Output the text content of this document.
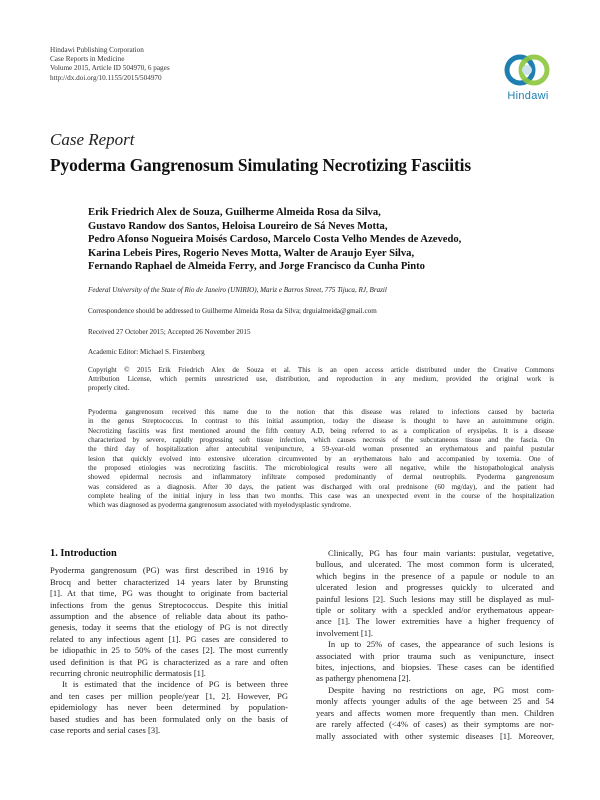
Hindawi Publishing Corporation
Case Reports in Medicine
Volume 2015, Article ID 504970, 6 pages
http://dx.doi.org/10.1155/2015/504970
Hindawi
Case Report
Pyoderma Gangrenosum Simulating Necrotizing Fasciitis
Erik Friedrich Alex de Souza, Guilherme Almeida Rosa da Silva,
Gustavo Randow dos Santos, Heloisa Loureiro de Sá Neves Motta,
Pedro Afonso Nogueira Moisés Cardoso, Marcelo Costa Velho Mendes de Azevedo,
Karina Lebeis Pires, Rogerio Neves Motta, Walter de Araujo Eyer Silva,
Fernando Raphael de Almeida Ferry, and Jorge Francisco da Cunha Pinto
Federal University of the State of Rio de Janeiro (UNIRIO), Mariz e Barros Street, 775 Tijuca, RJ, Brazil
Correspondence should be addressed to Guilherme Almeida Rosa da Silva; drguialmeida@gmail.com
Received 27 October 2015; Accepted 26 November 2015
Academic Editor: Michael S. Firstenberg
Copyright © 2015 Erik Friedrich Alex de Souza et al. This is an open access article distributed under the Creative Commons
Attribution License, which permits unrestricted use, distribution, and reproduction in any medium, provided the original work is
properly cited.
Pyoderma gangrenosum received this name due to the notion that this disease was related to infections caused by bacteria
in the genus Streptococcus. In contrast to this initial assumption, today the disease is thought to have an autoimmune origin.
Necrotizing fasciitis was first mentioned around the fifth century A.D, being referred to as a complication of erysipelas. It is a disease
characterized by severe, rapidly progressing soft tissue infection, which causes necrosis of the subcutaneous tissue and the fascia. On
the third day of hospitalization after antecubital venipuncture, a 59-year-old woman presented an erythematous and painful pustular
lesion that quickly evolved into extensive ulceration circumvented by an erythematous halo and accompanied by toxemia. One of
the proposed etiologies was necrotizing fasciitis. The microbiological results were all negative, while the histopathological analysis
showed epidermal necrosis and inflammatory infiltrate composed predominantly of dermal neutrophils. Pyoderma gangrenosum
was considered as a diagnosis. After 30 days, the patient was discharged with oral prednisone (60 mg/day), and the patient had
complete healing of the initial injury in less than two months. This case was an unexpected event in the course of the hospitalization
which was diagnosed as pyoderma gangrenosum associated with myelodysplastic syndrome.
1. Introduction

Pyoderma gangrenosum (PG) was first described in 1916 by
Brocq and better characterized 14 years later by Brunsting
[1]. At that time, PG was thought to originate from bacterial
infections from the genus Streptococcus. Despite this initial
assumption and the absence of reliable data about its patho-
genesis, today it seems that the etiology of PG is not directly
related to any infectious agent [1]. PG cases are considered to
be idiopathic in 25 to 50% of the cases [2]. The most currently
used definition is that PG is characterized as a rare and often
recurring chronic neutrophilic dermatosis [1].

It is estimated that the incidence of PG is between three
and ten cases per million people/year [1, 2]. However, PG
epidemiology has never been determined by population-
based studies and has been formulated only on the basis of
case reports and serial cases [3].

Clinically, PG has four main variants: pustular, vegetative,
bullous, and ulcerated. The most common form is ulcerated,
which begins in the presence of a papule or nodule to an
ulcerated lesion and progresses quickly to ulcerated and
painful lesions [2]. Such lesions may still be displayed as mul-
tiple or solitary with a speckled and/or erythematous appear-
ance [1]. The lower extremities have a higher frequency of
involvement [1].

In up to 25% of cases, the appearance of such lesions is
associated with prior trauma such as venipuncture, insect
bites, injections, and biopsies. These cases can be identified
as pathergy phenomena [2].

Despite having no restrictions on age, PG most com-
monly affects younger adults of the age between 25 and 54
years and affects women more frequently than men. Children
are rarely affected (<4% of cases) as their symptoms are nor-
mally associated with other systemic diseases [1]. Moreover,
